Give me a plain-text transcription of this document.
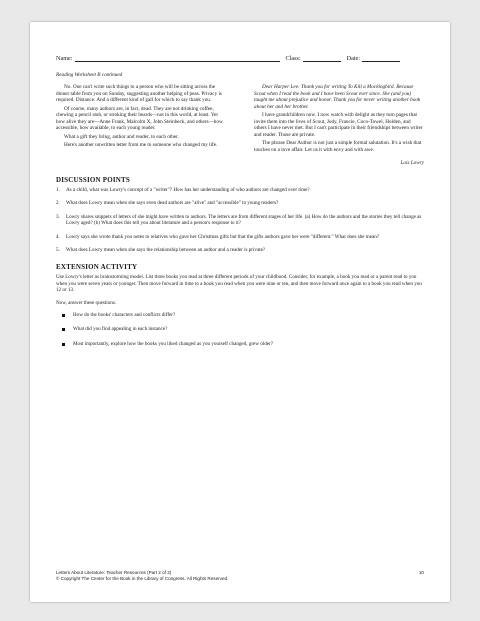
Name:	Class:	Date:
Reading Worksheet B continued

No. One can't write such things to a person who will be sitting across the dinner table from you on Sunday, suggesting another helping of peas. Privacy is required. Distance. And a different kind of gall for which to say thank you.

Of course, many authors are, in fact, dead. They are not drinking coffee, chewing a pencil stub, or stroking their beards—not in this world, at least. Yet how alive they are—Anne Frank, Malcolm X, John Steinbeck, and others—how accessible, how available, to each young reader.

What a gift they bring, author and reader, to each other.

Here's another unwritten letter from me to someone who changed my life.

Dear Harper Lee: Thank you for writing To Kill a Mockingbird. Because Scout when I read the book and I have been Scout ever since. She (and you) taught me about prejudice and honor. Thank you for never writing another book about her and her brother.

I have grandchildren now. I now watch with delight as they turn pages that invite them into the lives of Scout, Jody, Francie, Coco-Towel, Holden, and others I have never met. But I can't participate in their friendships between writer and reader. Those are private.

The phrase Dear Author is not just a simple formal salutation. It's a wish that touches on a love affair. Let us it with envy and with awe.

Lois Lowry
DISCUSSION POINTS
1.	As a child, what was Lowry's concept of a "writer"? How has her understanding of who authors are changed over time?
2.	What does Lowry mean when she says even dead authors are "alive" and "accessible" to young readers?
3.	Lowry shares snippets of letters of she might have written to authors. The letters are from different stages of her life. (a) How do the authors and the stories they tell change as Lowry aged? (b) What does this tell you about literature and a person's response to it?
4.	Lowry says she wrote thank you notes to relatives who gave her Christmas gifts but that the gifts authors gave her were "different." What does she mean?
5.	What does Lowry mean when she says the relationship between an author and a reader is private?
EXTENSION ACTIVITY

Use Lowry's letter as brainstorming model. List three books you read at three different periods of your childhood. Consider, for example, a book you read or a parent read to you when you were seven years or younger. Then move forward in time to a book you read when you were nine or ten, and then move forward once again to a book you read when you 12 or 13.

Now, answer these questions.

How do the books' characters and conflicts differ?
What did you find appealing in each instance?
Most importantly, explore how the books you liked changed as you yourself changed, grew older?
Letters About Literature: Teacher Resources (Part 2 of 2)
© Copyright The Center for the Book in the Library of Congress. All Rights Reserved.
10
